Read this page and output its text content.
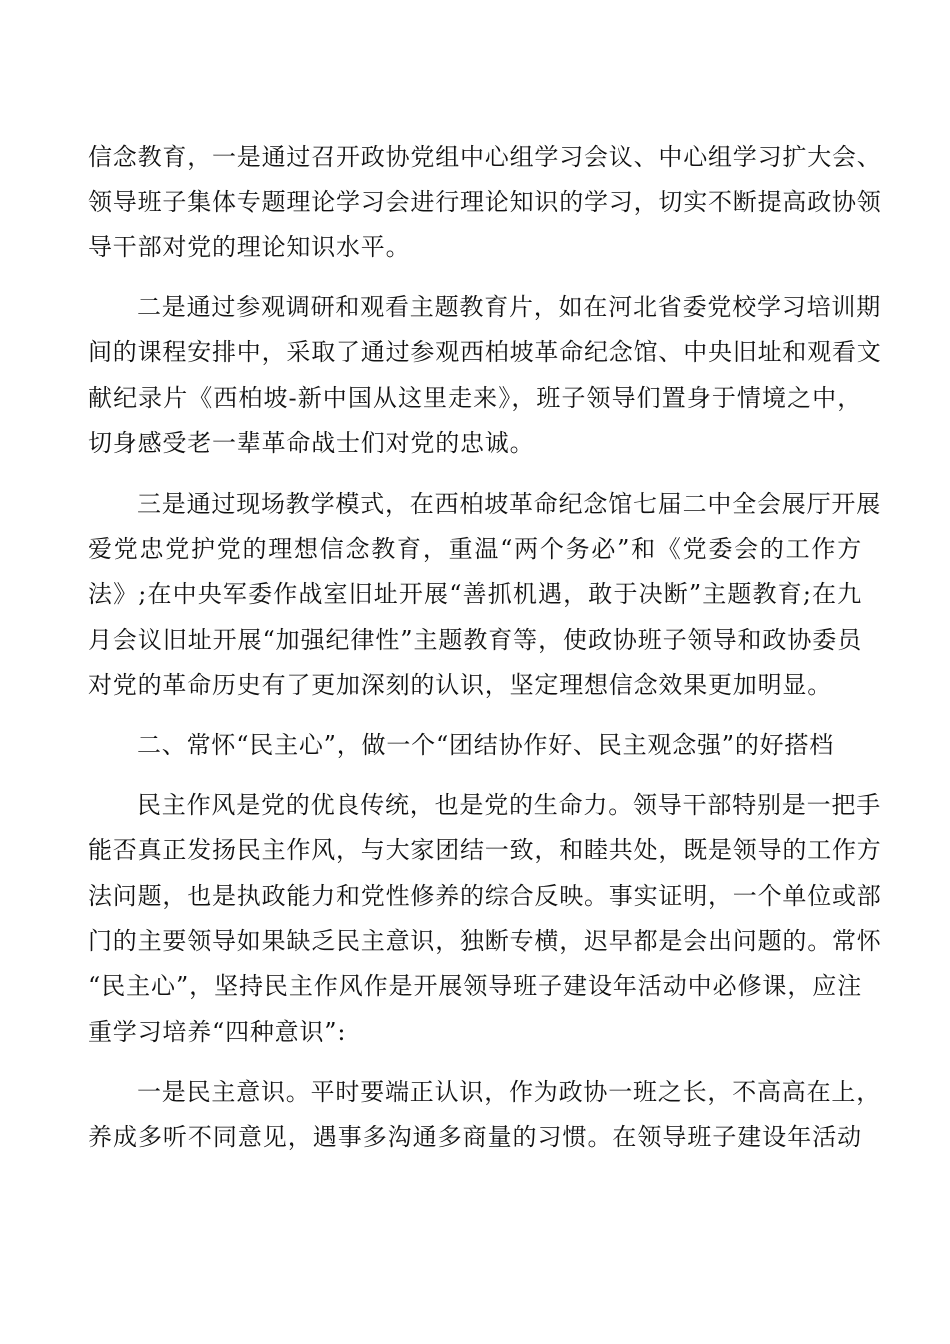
信念教育，一是通过召开政协党组中心组学习会议、中心组学习扩大会、
领导班子集体专题理论学习会进行理论知识的学习，切实不断提高政协领
导干部对党的理论知识水平。
二是通过参观调研和观看主题教育片，如在河北省委党校学习培训期
间的课程安排中，采取了通过参观西柏坡革命纪念馆、中央旧址和观看文
献纪录片《西柏坡-新中国从这里走来》，班子领导们置身于情境之中，
切身感受老一辈革命战士们对党的忠诚。
三是通过现场教学模式，在西柏坡革命纪念馆七届二中全会展厅开展
爱党忠党护党的理想信念教育，重温“两个务必”和《党委会的工作方
法》;在中央军委作战室旧址开展“善抓机遇，敢于决断”主题教育;在九
月会议旧址开展“加强纪律性”主题教育等，使政协班子领导和政协委员
对党的革命历史有了更加深刻的认识，坚定理想信念效果更加明显。
二、常怀“民主心”，做一个“团结协作好、民主观念强”的好搭档
民主作风是党的优良传统，也是党的生命力。领导干部特别是一把手
能否真正发扬民主作风，与大家团结一致，和睦共处，既是领导的工作方
法问题，也是执政能力和党性修养的综合反映。事实证明，一个单位或部
门的主要领导如果缺乏民主意识，独断专横，迟早都是会出问题的。常怀
“民主心”，坚持民主作风作是开展领导班子建设年活动中必修课，应注
重学习培养“四种意识”:
一是民主意识。平时要端正认识，作为政协一班之长，不高高在上，
养成多听不同意见，遇事多沟通多商量的习惯。在领导班子建设年活动
